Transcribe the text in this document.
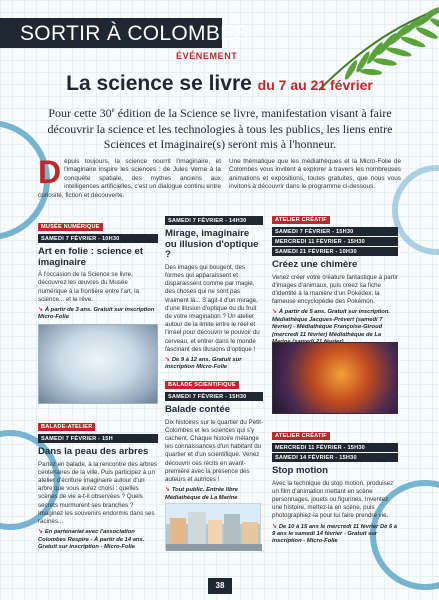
SORTIR À COLOMBES
ÉVÉNEMENT
La science se livre du 7 au 21 février
Pour cette 30e édition de la Science se livre, manifestation visant à faire découvrir la science et les technologies à tous les publics, les liens entre Sciences et Imaginaire(s) seront mis à l'honneur.
Depuis toujours, la science nourrit l'imaginaire, et l'imaginaire inspire les sciences : de Jules Verne à la conquête spatiale, des mythes anciens aux intelligences artificielles, c'est un dialogue continu entre curiosité, fiction et découverte.
Une thématique que les médiathèques et la Micro-Folie de Colombes vous invitent à explorer à travers les nombreuses animations et expositions, toutes gratuites, que nous vous invitons à découvrir dans le programme ci-dessous.
MUSÉE NUMÉRIQUE
SAMEDI 7 FÉVRIER - 10H30
Art en folie : science et imaginaire
À l'occasion de la Science se livre, découvrez les œuvres du Musée numérique à la frontière entre l'art, la science... et le rêve.
➘ À partir de 3 ans. Gratuit sur inscription Micro-Folie
BALADE-ATELIER
SAMEDI 7 FÉVRIER - 15H
Dans la peau des arbres
Partez en balade, à la rencontre des arbres centenaires de la ville. Puis participez à un atelier d'écriture imaginaire autour d'un arbre que vous aurez choisi : quelles scènes de vie a-t-il observées ? Quels secrets murmurent ses branches ? Imaginez les souvenirs endormis dans ses racines...
➘ En partenariat avec l'association Colombes Respire - À partir de 14 ans. Gratuit sur inscription - Micro-Folie
SAMEDI 7 FÉVRIER - 14H30
Mirage, imaginaire ou illusion d'optique ?
Des images qui bougent, des formes qui apparaissent et disparaissent comme par magie, des choses qui ne sont pas vraiment là... S'agit-il d'un mirage, d'une illusion d'optique ou du fruit de votre imagination ? Un atelier autour de la limite entre le réel et l'irréel pour découvrir le pouvoir du cerveau, et entrer dans le monde fascinant des illusions d'optique !
➘ De 9 à 12 ans. Gratuit sur inscription Micro-Folie
BALADE SCIENTIFIQUE
SAMEDI 7 FÉVRIER - 15H30
Balade contée
Dix histoires sur le quartier du Petit-Colombes et les sciences qui s'y cachent. Chaque histoire mélange les connaissances d'un habitant du quartier et d'un scientifique. Venez découvrir ces récits en avant-première avec la présence des auteurs et autrices !
➘ Tout public. Entrée libre Médiathèque de La Marine
ATELIER CRÉATIF
SAMEDI 7 FÉVRIER - 15H30
MERCREDI 11 FÉVRIER - 15H30
SAMEDI 21 FÉVRIER - 10H30
Créez une chimère
Venez créer votre créature fantastique à partir d'images d'animaux, puis créez sa fiche d'identité à la manière d'un Pokédex, la fameuse encyclopédie des Pokémon.
➘ À partir de 5 ans. Gratuit sur inscription. Médiathèque Jacques-Prévert (samedi 7 février) - Médiathèque Françoise-Giroud (mercredi 11 février) Médiathèque de La
ATELIER CRÉATIF
MERCREDI 11 FÉVRIER - 15H30
SAMEDI 14 FÉVRIER - 15H30
Stop motion
Avec la technique du stop motion, produisez un film d'animation mettant en scène personnages, jouets ou figurines. Inventez une histoire, mettez-la en scène, puis photographiez-la pour lui faire prendre vie.
➘ De 10 à 15 ans le mercredi 11 février De 6 à 9 ans le samedi 14 février - Gratuit sur inscription - Micro-Folie
38
